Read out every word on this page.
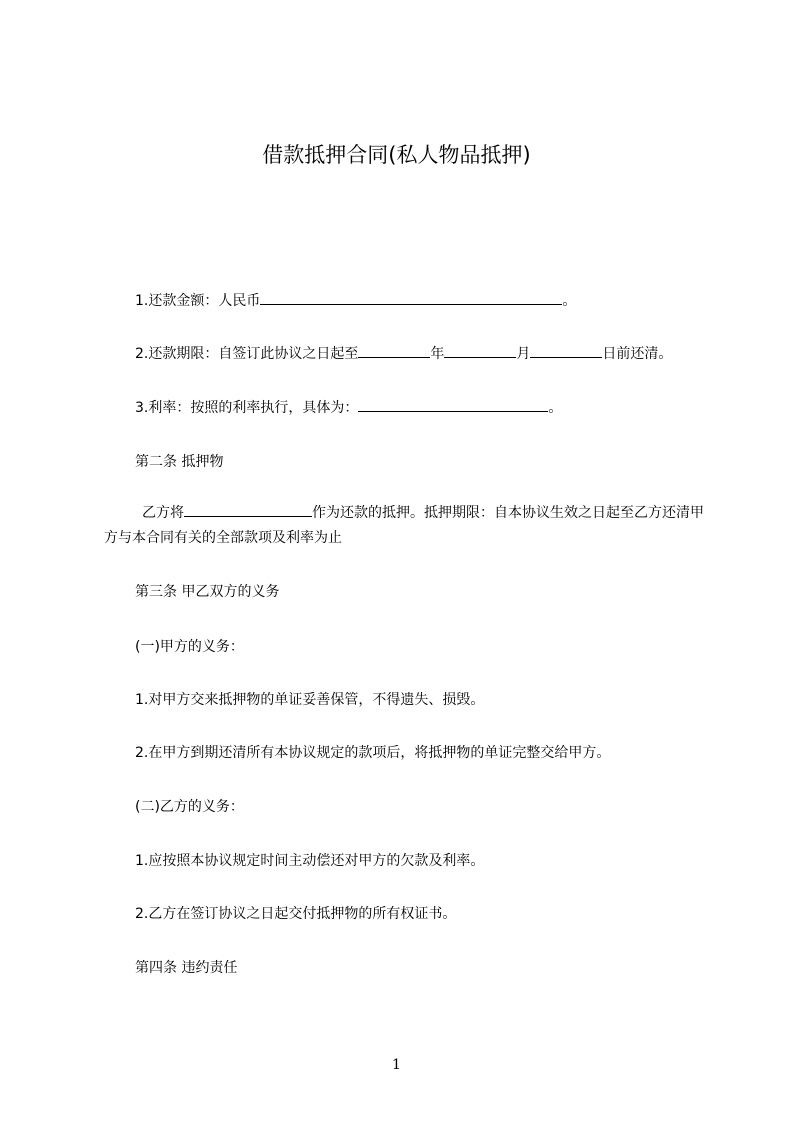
借款抵押合同(私人物品抵押)
1.还款金额：人民币	。
2.还款期限：自签订此协议之日起至	年	月	日前还清。
3.利率：按照的利率执行，具体为：	。
第二条 抵押物
乙方将	作为还款的抵押。抵押期限：自本协议生效之日起至乙方还清甲方与本合同有关的全部款项及利率为止
第三条 甲乙双方的义务
(一)甲方的义务：
1.对甲方交来抵押物的单证妥善保管，不得遗失、损毁。
2.在甲方到期还清所有本协议规定的款项后，将抵押物的单证完整交给甲方。
(二)乙方的义务：
1.应按照本协议规定时间主动偿还对甲方的欠款及利率。
2.乙方在签订协议之日起交付抵押物的所有权证书。
第四条 违约责任
1
